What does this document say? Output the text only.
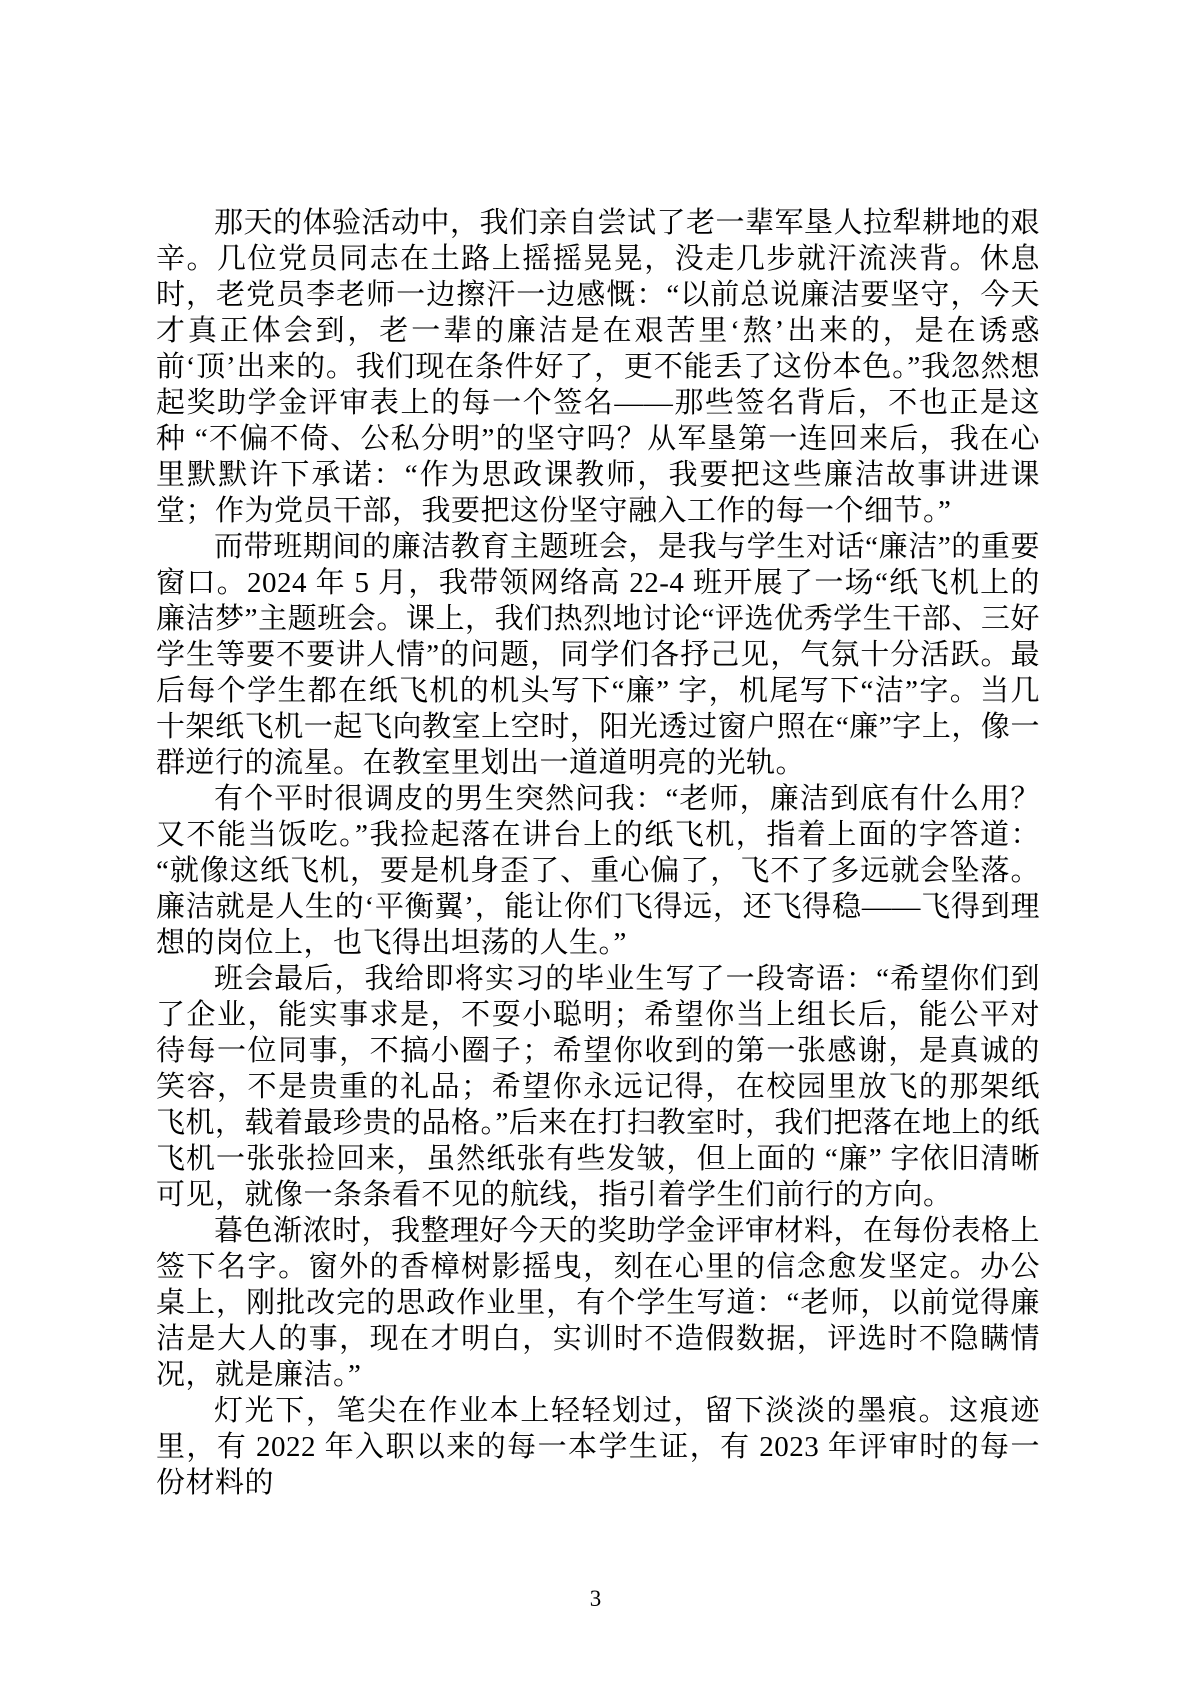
那天的体验活动中，我们亲自尝试了老一辈军垦人拉犁耕地的艰辛。几位党员同志在土路上摇摇晃晃，没走几步就汗流浃背。休息时，老党员李老师一边擦汗一边感慨：“以前总说廉洁要坚守，今天才真正体会到，老一辈的廉洁是在艰苦里‘熬’出来的，是在诱惑前‘顶’出来的。我们现在条件好了，更不能丢了这份本色。”我忽然想起奖助学金评审表上的每一个签名——那些签名背后，不也正是这种 “不偏不倚、公私分明”的坚守吗？从军垦第一连回来后，我在心里默默许下承诺：“作为思政课教师，我要把这些廉洁故事讲进课堂；作为党员干部，我要把这份坚守融入工作的每一个细节。”

而带班期间的廉洁教育主题班会，是我与学生对话“廉洁”的重要窗口。2024 年 5 月，我带领网络高 22-4 班开展了一场“纸飞机上的廉洁梦”主题班会。课上，我们热烈地讨论“评选优秀学生干部、三好学生等要不要讲人情”的问题，同学们各抒己见，气氛十分活跃。最后每个学生都在纸飞机的机头写下“廉” 字，机尾写下“洁”字。当几十架纸飞机一起飞向教室上空时，阳光透过窗户照在“廉”字上，像一群逆行的流星。在教室里划出一道道明亮的光轨。

有个平时很调皮的男生突然问我：“老师，廉洁到底有什么用？又不能当饭吃。”我捡起落在讲台上的纸飞机，指着上面的字答道：“就像这纸飞机，要是机身歪了、重心偏了，飞不了多远就会坠落。廉洁就是人生的‘平衡翼’，能让你们飞得远，还飞得稳——飞得到理想的岗位上，也飞得出坦荡的人生。”

班会最后，我给即将实习的毕业生写了一段寄语：“希望你们到了企业，能实事求是，不耍小聪明；希望你当上组长后，能公平对待每一位同事，不搞小圈子；希望你收到的第一张感谢，是真诚的笑容，不是贵重的礼品；希望你永远记得，在校园里放飞的那架纸飞机，载着最珍贵的品格。”后来在打扫教室时，我们把落在地上的纸飞机一张张捡回来，虽然纸张有些发皱，但上面的 “廉” 字依旧清晰可见，就像一条条看不见的航线，指引着学生们前行的方向。

暮色渐浓时，我整理好今天的奖助学金评审材料，在每份表格上签下名字。窗外的香樟树影摇曳，刻在心里的信念愈发坚定。办公桌上，刚批改完的思政作业里，有个学生写道：“老师，以前觉得廉洁是大人的事，现在才明白，实训时不造假数据，评选时不隐瞒情况，就是廉洁。”

灯光下，笔尖在作业本上轻轻划过，留下淡淡的墨痕。这痕迹里，有 2022 年入职以来的每一本学生证，有 2023 年评审时的每一份材料的

3
